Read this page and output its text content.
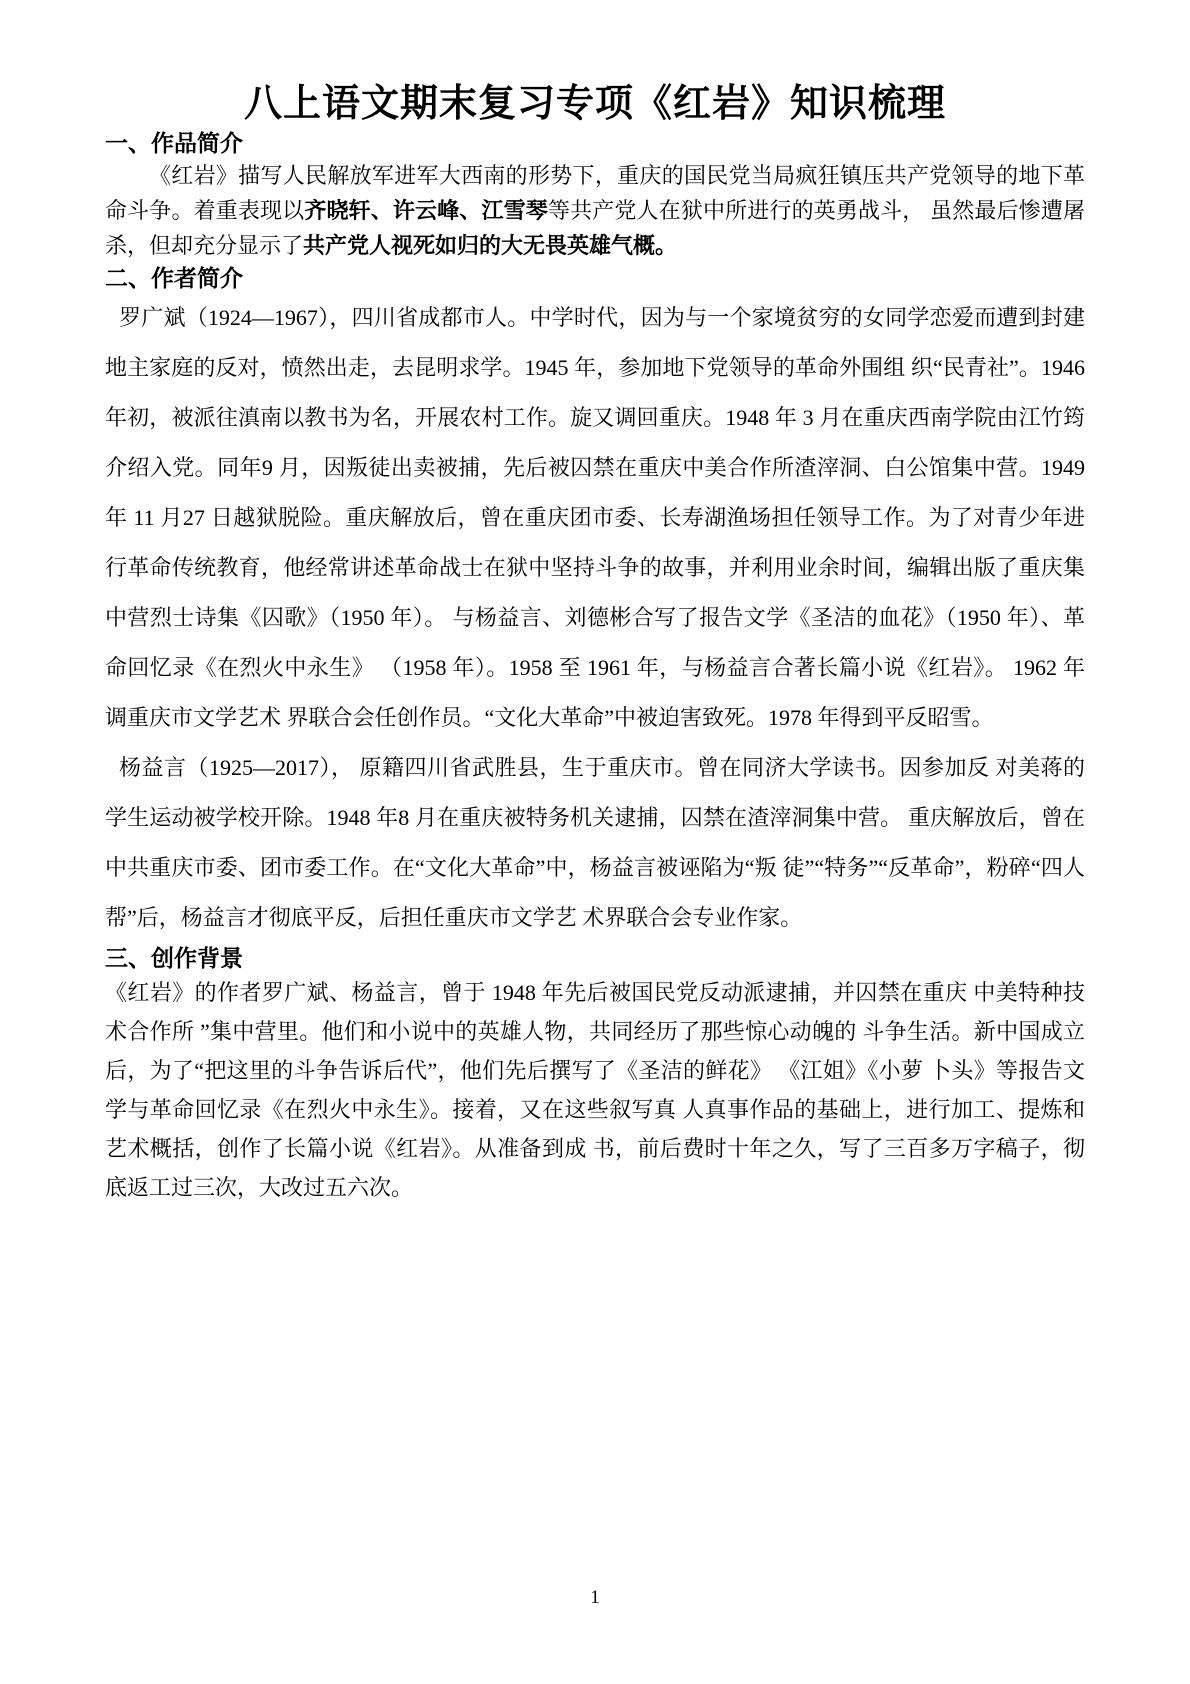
八上语文期末复习专项《红岩》知识梳理
一、作品简介

《红岩》描写人民解放军进军大西南的形势下，重庆的国民党当局疯狂镇压共产党领导的地下革命斗争。着重表现以齐晓轩、许云峰、江雪琴等共产党人在狱中所进行的英勇战斗， 虽然最后惨遭屠杀，但却充分显示了共产党人视死如归的大无畏英雄气概。

二、作者简介

罗广斌（1924—1967），四川省成都市人。中学时代，因为与一个家境贫穷的女同学恋爱而遭到封建地主家庭的反对，愤然出走，去昆明求学。1945 年，参加地下党领导的革命外围组 织“民青社”。1946 年初，被派往滇南以教书为名，开展农村工作。旋又调回重庆。1948 年 3 月在重庆西南学院由江竹筠介绍入党。同年9 月，因叛徒出卖被捕，先后被囚禁在重庆中美合作所渣滓洞、白公馆集中营。1949 年 11 月27 日越狱脱险。重庆解放后，曾在重庆团市委、长寿湖渔场担任领导工作。为了对青少年进行革命传统教育，他经常讲述革命战士在狱中坚持斗争的故事，并利用业余时间，编辑出版了重庆集中营烈士诗集《囚歌》（1950 年）。 与杨益言、刘德彬合写了报告文学《圣洁的血花》（1950 年）、革命回忆录《在烈火中永生》 （1958 年）。1958 至 1961 年，与杨益言合著长篇小说《红岩》。 1962 年调重庆市文学艺术 界联合会任创作员。“文化大革命”中被迫害致死。1978 年得到平反昭雪。

杨益言（1925—2017）， 原籍四川省武胜县，生于重庆市。曾在同济大学读书。因参加反 对美蒋的学生运动被学校开除。1948 年8 月在重庆被特务机关逮捕，囚禁在渣滓洞集中营。 重庆解放后，曾在中共重庆市委、团市委工作。在“文化大革命”中，杨益言被诬陷为“叛 徒”“特务”“反革命”，粉碎“四人帮”后，杨益言才彻底平反，后担任重庆市文学艺 术界联合会专业作家。

三、创作背景

《红岩》的作者罗广斌、杨益言，曾于 1948 年先后被国民党反动派逮捕，并囚禁在重庆 中美特种技术合作所 ”集中营里。他们和小说中的英雄人物，共同经历了那些惊心动魄的 斗争生活。新中国成立后，为了“把这里的斗争告诉后代”，他们先后撰写了《圣洁的鲜花》 《江姐》《小萝 卜头》等报告文学与革命回忆录《在烈火中永生》。接着，又在这些叙写真 人真事作品的基础上，进行加工、提炼和艺术概括，创作了长篇小说《红岩》。从准备到成 书，前后费时十年之久，写了三百多万字稿子，彻底返工过三次，大改过五六次。

1
